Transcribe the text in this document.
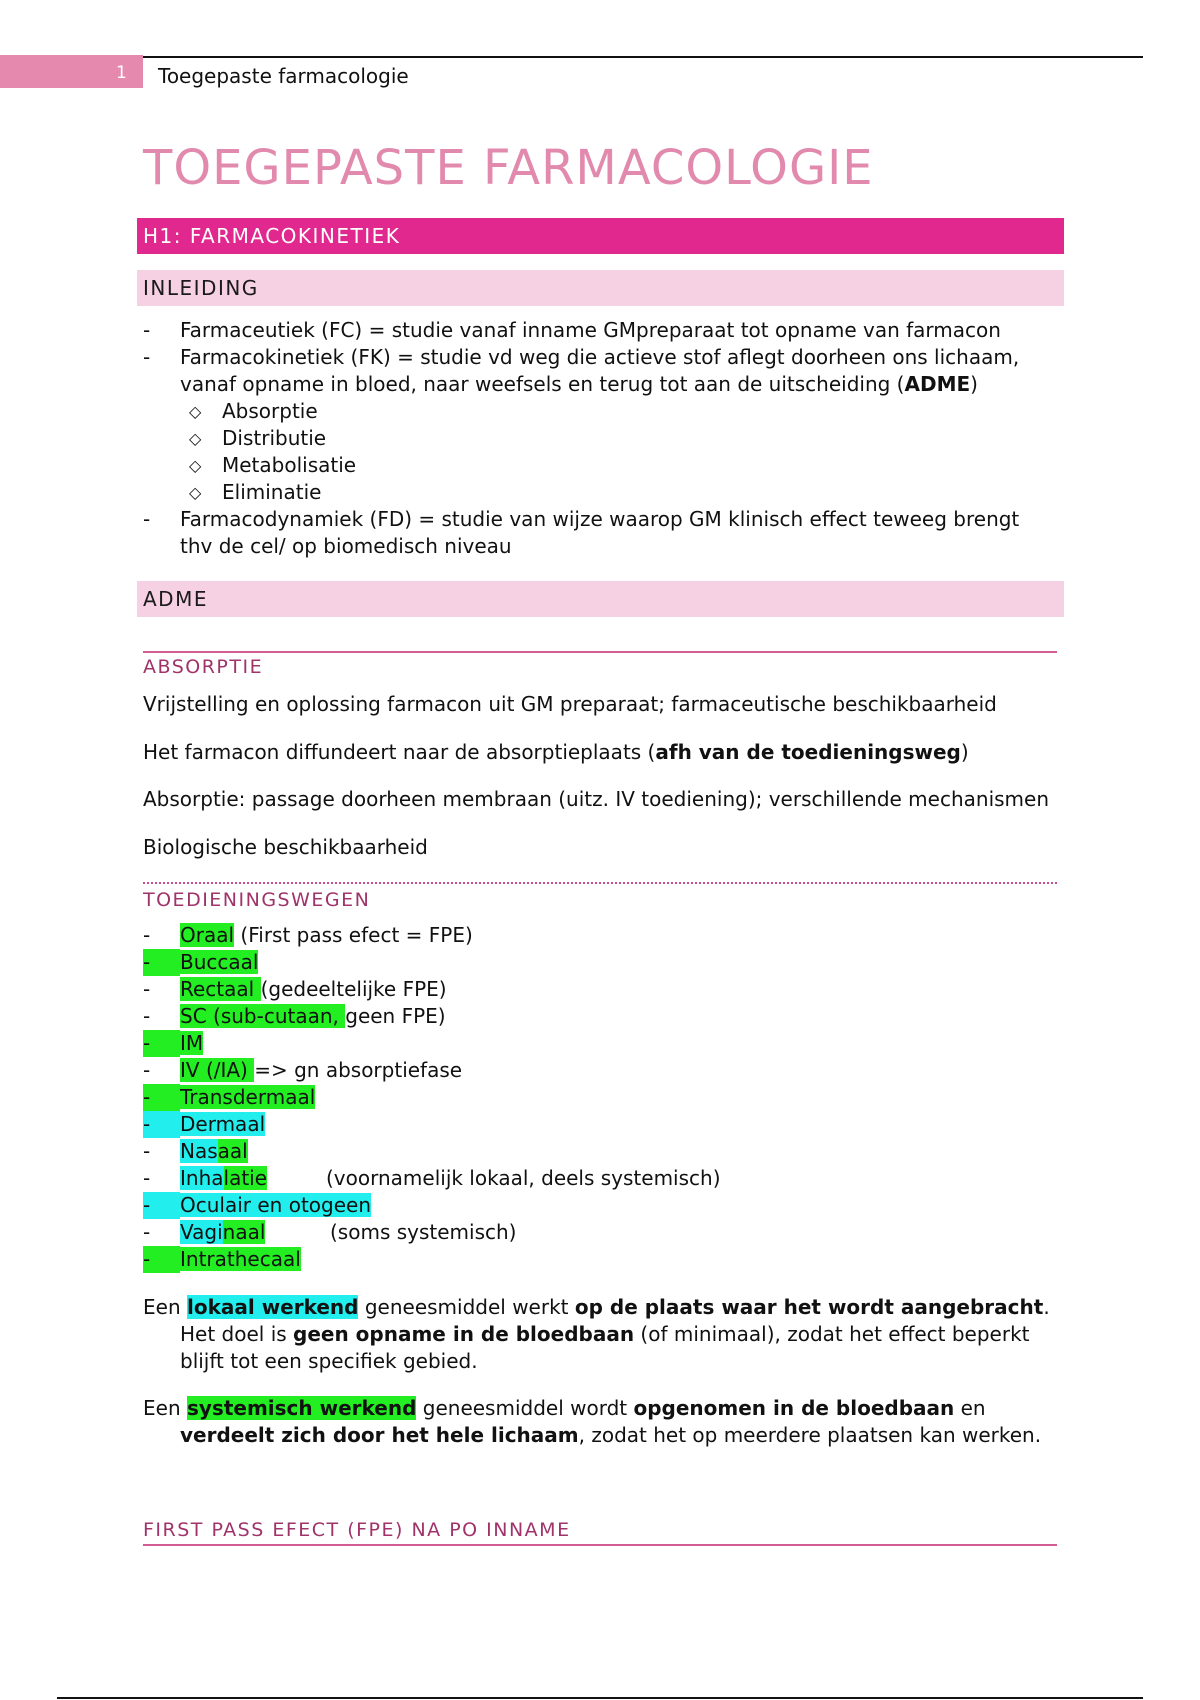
1 Toegepaste farmacologie
TOEGEPASTE FARMACOLOGIE
H1: FARMACOKINETIEK
INLEIDING
- Farmaceutiek (FC) = studie vanaf inname GMpreparaat tot opname van farmacon
- Farmacokinetiek (FK) = studie vd weg die actieve stof aflegt doorheen ons lichaam,
vanaf opname in bloed, naar weefsels en terug tot aan de uitscheiding (ADME)
◇ Absorptie
◇ Distributie
◇ Metabolisatie
◇ Eliminatie
- Farmacodynamiek (FD) = studie van wijze waarop GM klinisch effect teweeg brengt
thv de cel/ op biomedisch niveau
ADME
ABSORPTIE
Vrijstelling en oplossing farmacon uit GM preparaat; farmaceutische beschikbaarheid
Het farmacon diffundeert naar de absorptieplaats (afh van de toedieningsweg)
Absorptie: passage doorheen membraan (uitz. IV toediening); verschillende mechanismen
Biologische beschikbaarheid
TOEDIENINGSWEGEN
- Oraal (First pass efect = FPE)
-	Buccaal
- Rectaal (gedeeltelijke FPE)
- SC (sub-cutaan, geen FPE)
-	IM
- IV (/IA) => gn absorptiefase
-	Transdermaal
-	Dermaal
- Nasaal
- Inhalatie	(voornamelijk lokaal, deels systemisch)
-	Oculair en otogeen
- Vaginaal	(soms systemisch)
-	Intrathecaal
Een lokaal werkend geneesmiddel werkt op de plaats waar het wordt aangebracht.
Het doel is geen opname in de bloedbaan (of minimaal), zodat het effect beperkt
blijft tot een specifiek gebied.
Een systemisch werkend geneesmiddel wordt opgenomen in de bloedbaan en
verdeelt zich door het hele lichaam, zodat het op meerdere plaatsen kan werken.
FIRST PASS EFECT (FPE) NA PO INNAME
